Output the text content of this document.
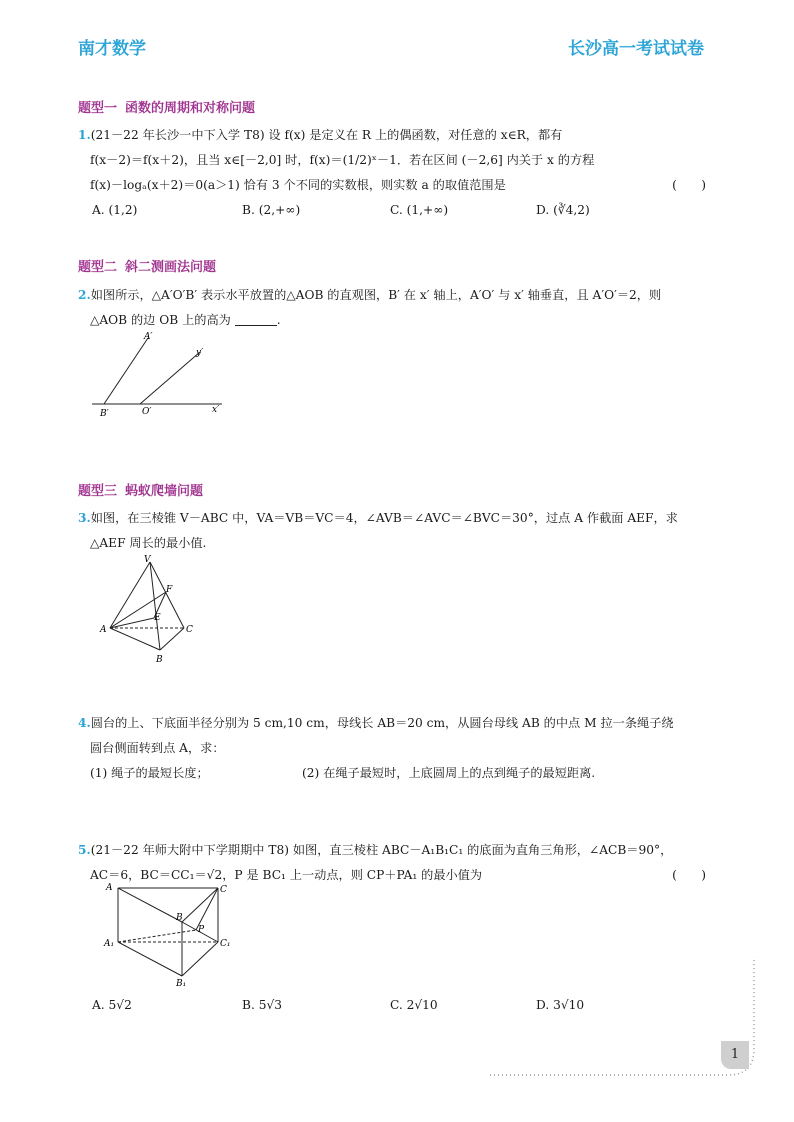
南才数学	长沙高一考试试卷
题型一 函数的周期和对称问题
1.(21－22 年长沙一中下入学 T8) 设 f(x) 是定义在 R 上的偶函数，对任意的 x∈R，都有
f(x－2)＝f(x＋2)，且当 x∈[－2,0] 时，f(x)＝(1/2)ˣ－1．若在区间 (－2,6] 内关于 x 的方程
f(x)－logₐ(x＋2)＝0(a＞1) 恰有 3 个不同的实数根，则实数 a 的取值范围是	(　　)
A. (1,2)	B. (2,+∞)	C. (1,+∞)	D. (∛4,2)
题型二 斜二测画法问题
2.如图所示，△A′O′B′ 表示水平放置的△AOB 的直观图，B′ 在 x′ 轴上，A′O′ 与 x′ 轴垂直，且 A′O′＝2，则
△AOB 的边 OB 上的高为	.
A′
B′	O′	x′
y′
题型三 蚂蚁爬墙问题
3.如图，在三棱锥 V－ABC 中，VA＝VB＝VC＝4，∠AVB＝∠AVC＝∠BVC＝30°，过点 A 作截面 AEF，求
△AEF 周长的最小值.
V
F
E
A	C
B
4.圆台的上、下底面半径分别为 5 cm,10 cm，母线长 AB＝20 cm，从圆台母线 AB 的中点 M 拉一条绳子绕
圆台侧面转到点 A，求：
(1) 绳子的最短长度；	(2) 在绳子最短时，上底圆周上的点到绳子的最短距离.
5.(21－22 年师大附中下学期期中 T8) 如图，直三棱柱 ABC－A₁B₁C₁ 的底面为直角三角形，∠ACB＝90°，
AC＝6，BC＝CC₁＝√2，P 是 BC₁ 上一动点，则 CP＋PA₁ 的最小值为	(　　)
A	C
B
P
A₁	C₁
B₁
A. 5√2	B. 5√3	C. 2√10	D. 3√10
1
